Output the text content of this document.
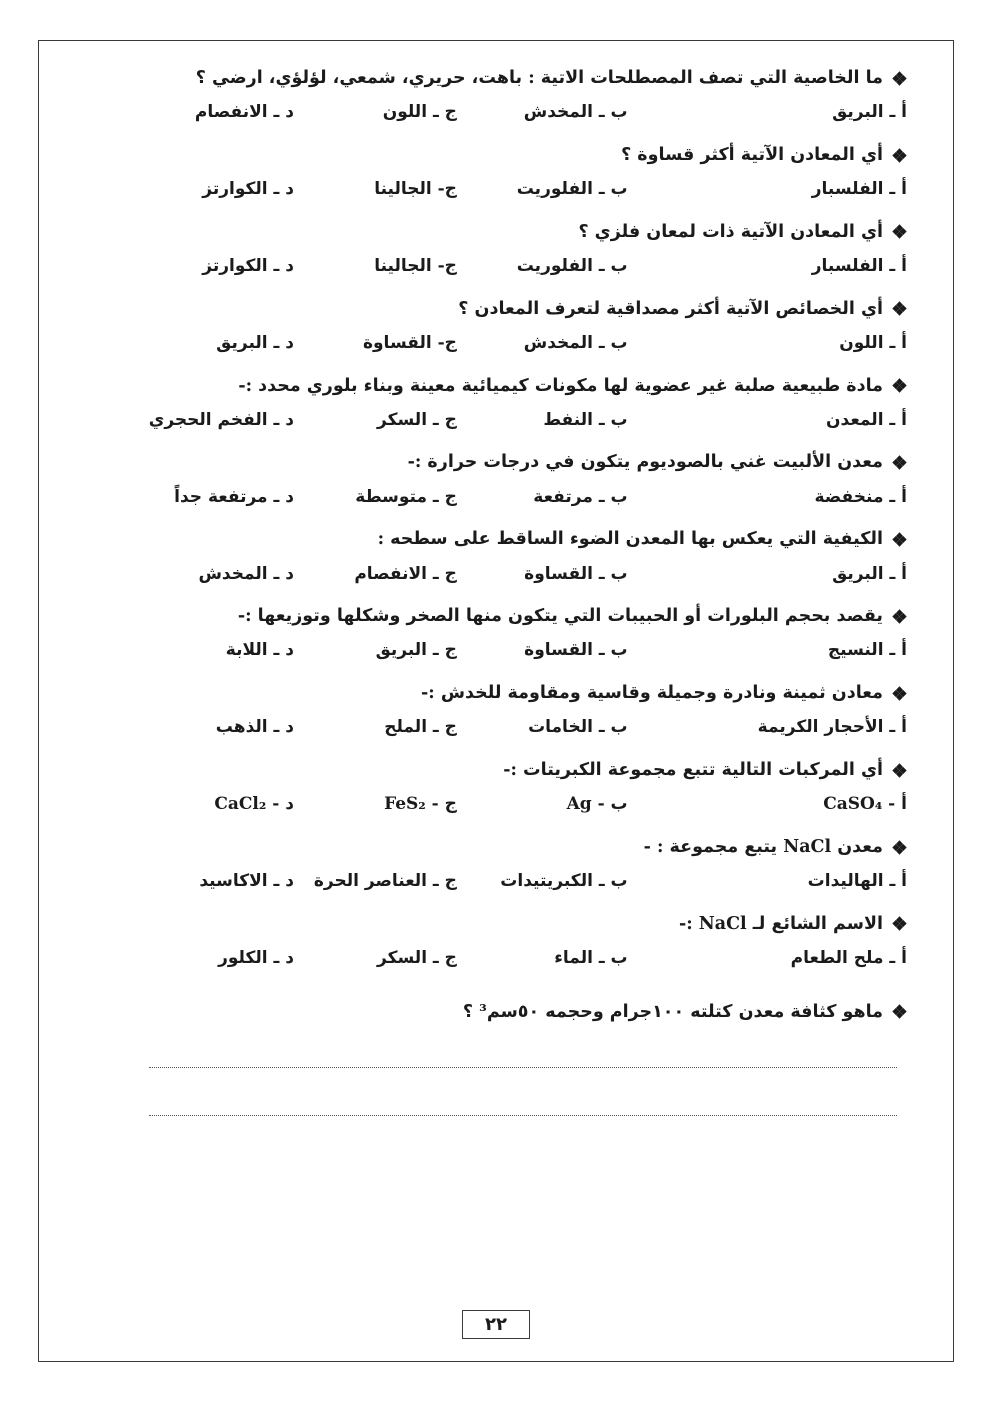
ما الخاصية التي تصف المصطلحات الاتية : باهت، حريري، شمعي، لؤلؤي، ارضي ؟
أ ـ البريق
ب ـ المخدش
ج ـ اللون
د ـ الانفصام
أي المعادن الآتية أكثر قساوة ؟
أ ـ الفلسبار
ب ـ الفلوريت
ج- الجالينا
د ـ الكوارتز
أي المعادن الآتية ذات لمعان فلزي ؟
أ ـ الفلسبار
ب ـ الفلوريت
ج- الجالينا
د ـ الكوارتز
أي الخصائص الآتية أكثر مصداقية لتعرف المعادن ؟
أ ـ اللون
ب ـ المخدش
ج- القساوة
د ـ البريق
مادة طبيعية صلبة غير عضوية لها مكونات كيميائية معينة وبناء بلوري محدد :-
أ ـ المعدن
ب ـ النفط
ج ـ السكر
د ـ الفخم الحجري
معدن الألبيت غني بالصوديوم يتكون في درجات حرارة :-
أ ـ منخفضة
ب ـ مرتفعة
ج ـ متوسطة
د ـ مرتفعة جداً
الكيفية التي يعكس بها المعدن الضوء الساقط على سطحه :
أ ـ البريق
ب ـ القساوة
ج ـ الانفصام
د ـ المخدش
يقصد بحجم البلورات أو الحبيبات التي يتكون منها الصخر وشكلها وتوزيعها :-
أ ـ النسيج
ب ـ القساوة
ج ـ البريق
د ـ اللابة
معادن ثمينة ونادرة وجميلة وقاسية ومقاومة للخدش :-
أ ـ الأحجار الكريمة
ب ـ الخامات
ج ـ الملح
د ـ الذهب
أي المركبات التالية تتبع مجموعة الكبريتات :-
أ - CaSO₄
ب - Ag
ج - FeS₂
د - CaCl₂
معدن NaCl يتبع مجموعة : -
أ ـ الهاليدات
ب ـ الكبريتيدات
ج ـ العناصر الحرة
د ـ الاكاسيد
الاسم الشائع لـ NaCl :-
أ ـ ملح الطعام
ب ـ الماء
ج ـ السكر
د ـ الكلور
ماهو كثافة معدن كتلته ١٠٠جرام وحجمه ٥٠سم³ ؟
٢٢
